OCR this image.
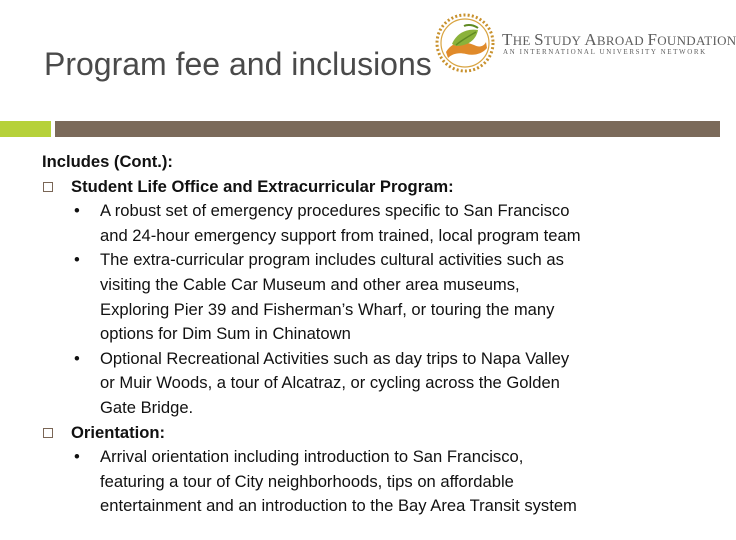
Program fee and inclusions
THE STUDY ABROAD FOUNDATION
AN INTERNATIONAL UNIVERSITY NETWORK
Includes (Cont.):
Student Life Office and Extracurricular Program:
• A robust set of emergency procedures specific to San Francisco
and 24-hour emergency support from trained, local program team
• The extra-curricular program includes cultural activities such as
visiting the Cable Car Museum and other area museums,
Exploring Pier 39 and Fisherman’s Wharf, or touring the many
options for Dim Sum in Chinatown
• Optional Recreational Activities such as day trips to Napa Valley
or Muir Woods, a tour of Alcatraz, or cycling across the Golden
Gate Bridge.
Orientation:
• Arrival orientation including introduction to San Francisco,
featuring a tour of City neighborhoods, tips on affordable
entertainment and an introduction to the Bay Area Transit system
